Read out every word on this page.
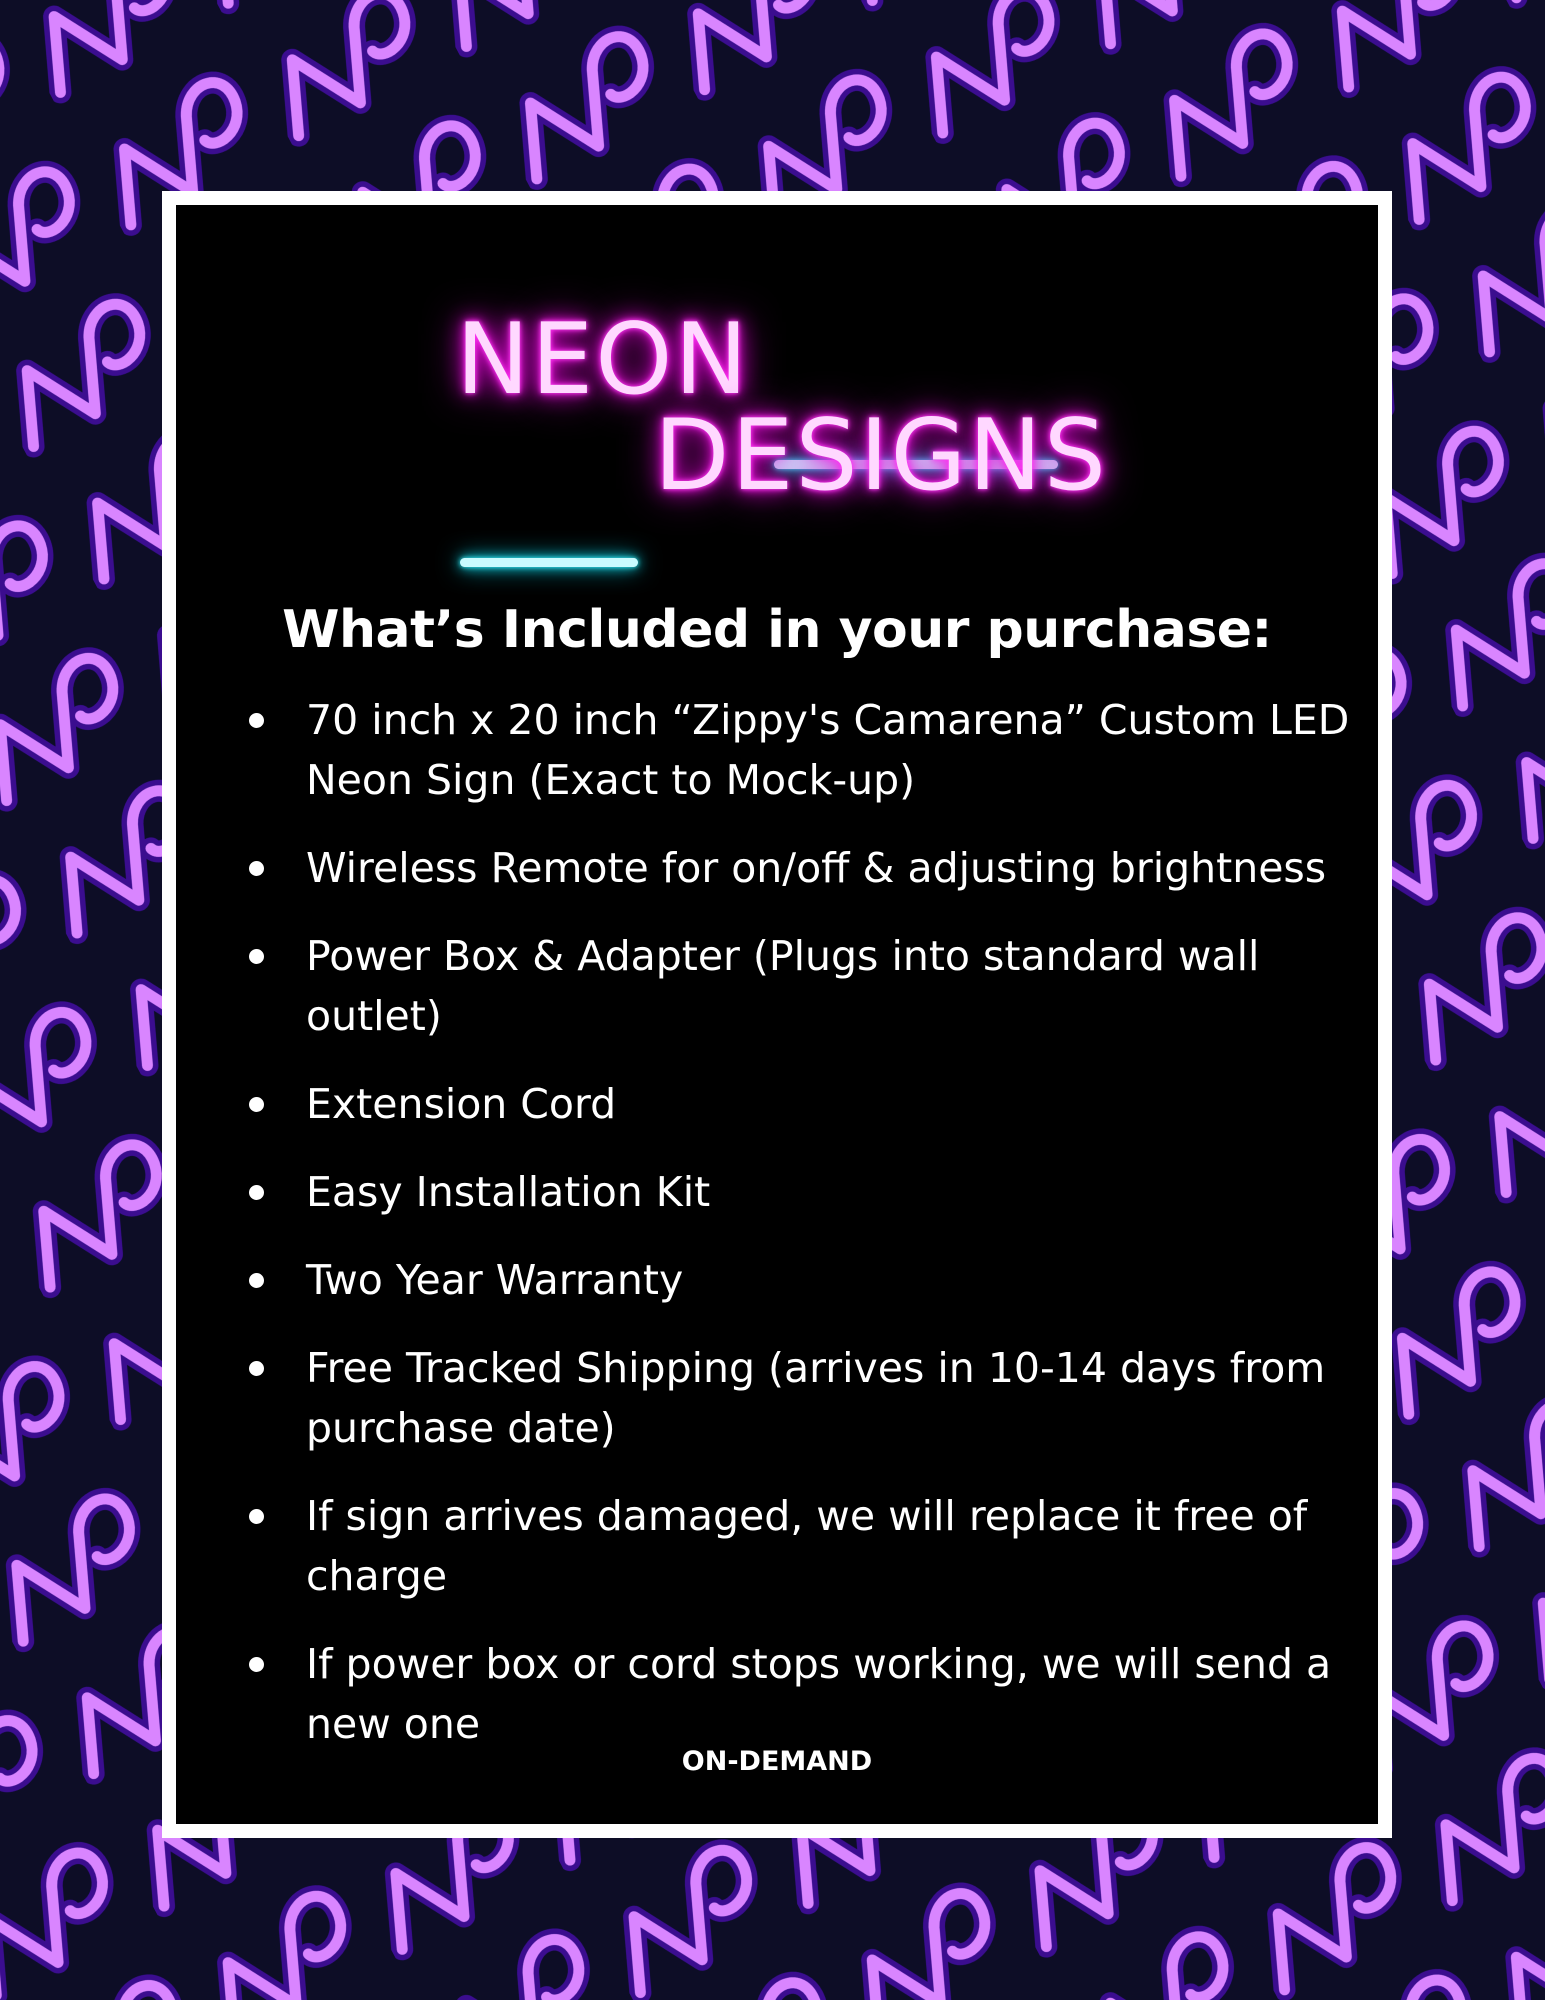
NEON
DESIGNS
What’s Included in your purchase:
70 inch x 20 inch “Zippy's Camarena” Custom LED Neon Sign (Exact to Mock-up)
Wireless Remote for on/off & adjusting brightness
Power Box & Adapter (Plugs into standard wall outlet)
Extension Cord
Easy Installation Kit
Two Year Warranty
Free Tracked Shipping (arrives in 10-14 days from purchase date)
If sign arrives damaged, we will replace it free of charge
If power box or cord stops working, we will send a new one
ON-DEMAND
